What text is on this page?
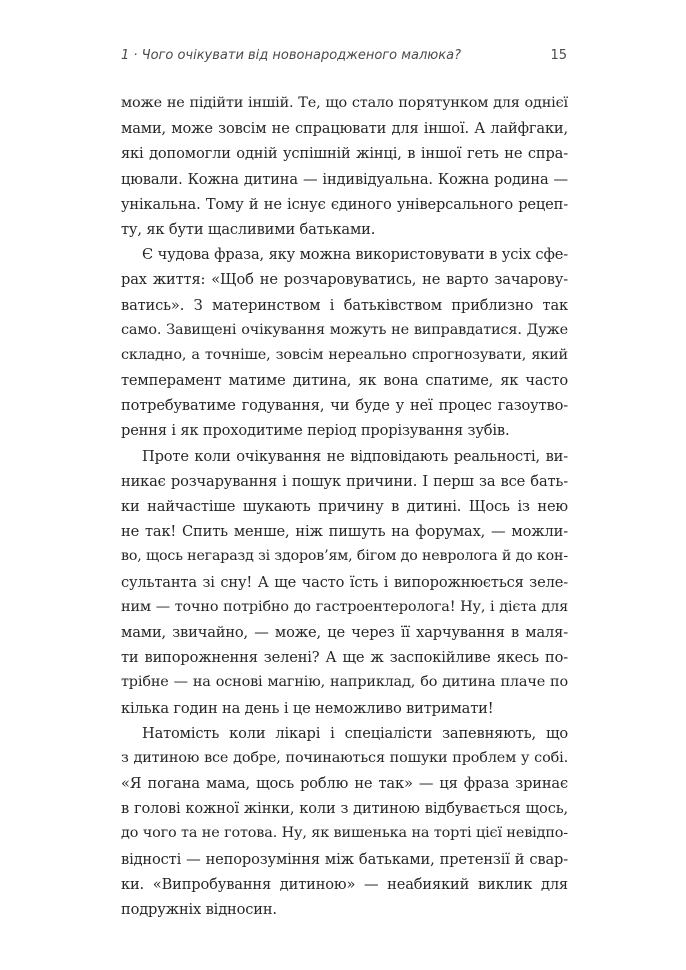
1 · Чого очікувати від новонародженого малюка?	15
може не підійти іншій. Те, що стало порятунком для однієї
мами, може зовсім не спрацювати для іншої. А лайфгаки,
які допомогли одній успішній жінці, в іншої геть не спра-
цювали. Кожна дитина — індивідуальна. Кожна родина —
унікальна. Тому й не існує єдиного універсального рецеп-
ту, як бути щасливими батьками.
Є чудова фраза, яку можна використовувати в усіх сфе-
рах життя: «Щоб не розчаровуватись, не варто зачарову-
ватись». З материнством і батьківством приблизно так
само. Завищені очікування можуть не виправдатися. Дуже
складно, а точніше, зовсім нереально спрогнозувати, який
темперамент матиме дитина, як вона спатиме, як часто
потребуватиме годування, чи буде у неї процес газоутво-
рення і як проходитиме період прорізування зубів.
Проте коли очікування не відповідають реальності, ви-
никає розчарування і пошук причини. І перш за все бать-
ки найчастіше шукають причину в дитині. Щось із нею
не так! Спить менше, ніж пишуть на форумах, — можли-
во, щось негаразд зі здоров’ям, бігом до невролога й до кон-
сультанта зі сну! А ще часто їсть і випорожнюється зеле-
ним — точно потрібно до гастроентеролога! Ну, і дієта для
мами, звичайно, — може, це через її харчування в маля-
ти випорожнення зелені? А ще ж заспокійливе якесь по-
трібне — на основі магнію, наприклад, бо дитина плаче по
кілька годин на день і це неможливо витримати!
Натомість коли лікарі і спеціалісти запевняють, що
з дитиною все добре, починаються пошуки проблем у собі.
«Я погана мама, щось роблю не так» — ця фраза зринає
в голові кожної жінки, коли з дитиною відбувається щось,
до чого та не готова. Ну, як вишенька на торті цієї невідпо-
відності — непорозуміння між батьками, претензії й свар-
ки. «Випробування дитиною» — неабиякий виклик для
подружніх відносин.
